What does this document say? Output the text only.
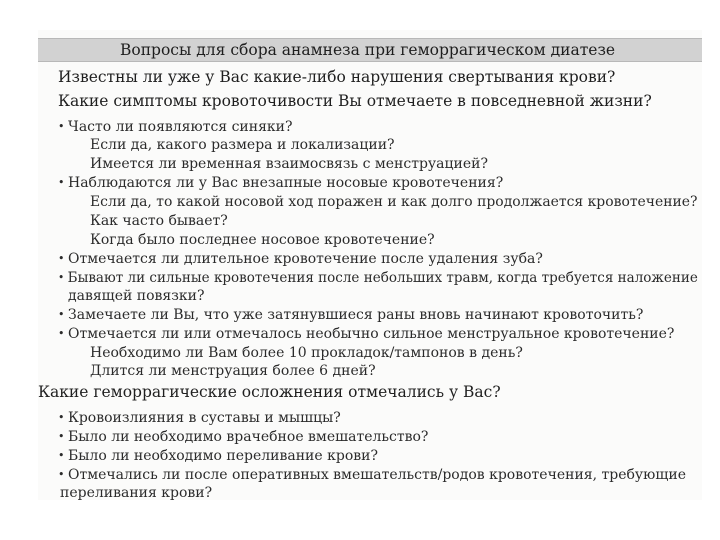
Вопросы для сбора анамнеза при геморрагическом диатезе
Известны ли уже у Вас какие-либо нарушения свертывания крови?
Какие симптомы кровоточивости Вы отмечаете в повседневной жизни?
• Часто ли появляются синяки?
Если да, какого размера и локализации?
Имеется ли временная взаимосвязь с менструацией?
• Наблюдаются ли у Вас внезапные носовые кровотечения?
Если да, то какой носовой ход поражен и как долго продолжается кровотечение?
Как часто бывает?
Когда было последнее носовое кровотечение?
• Отмечается ли длительное кровотечение после удаления зуба?
• Бывают ли сильные кровотечения после небольших травм, когда требуется наложение
давящей повязки?
• Замечаете ли Вы, что уже затянувшиеся раны вновь начинают кровоточить?
• Отмечается ли или отмечалось необычно сильное менструальное кровотечение?
Необходимо ли Вам более 10 прокладок/тампонов в день?
Длится ли менструация более 6 дней?
Какие геморрагические осложнения отмечались у Вас?
• Кровоизлияния в суставы и мышцы?
• Было ли необходимо врачебное вмешательство?
• Было ли необходимо переливание крови?
• Отмечались ли после оперативных вмешательств/родов кровотечения, требующие
переливания крови?
